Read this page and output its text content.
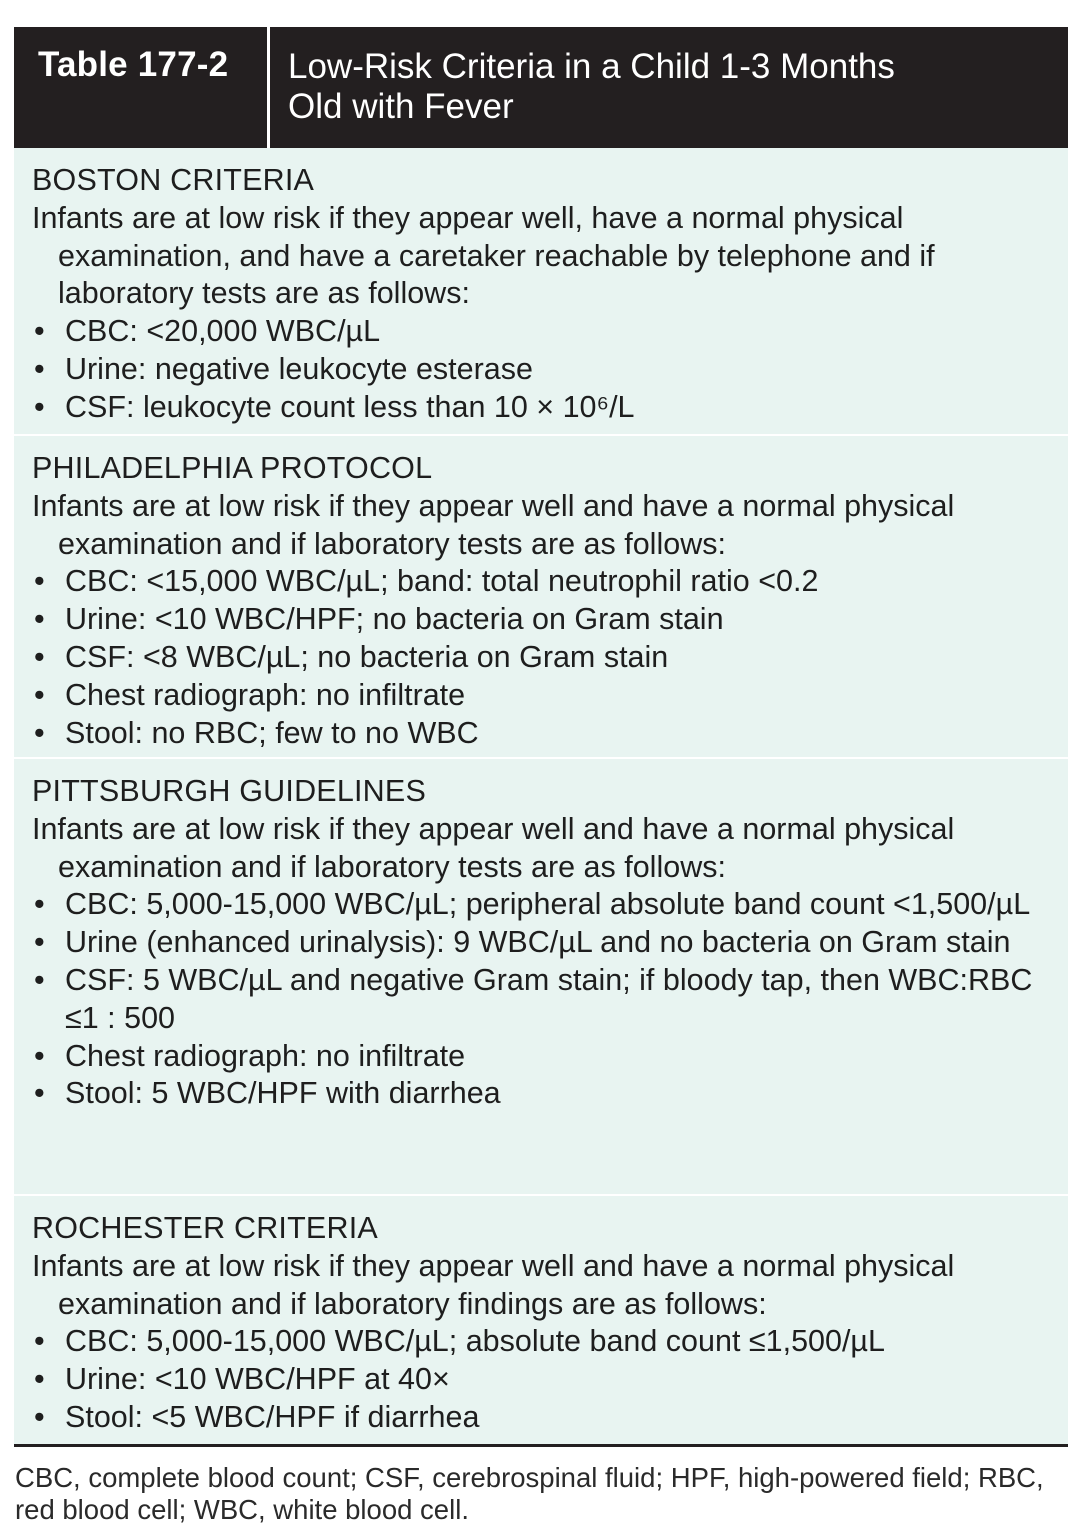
Table 177-2	Low-Risk Criteria in a Child 1-3 Months
Old with Fever
BOSTON CRITERIA
Infants are at low risk if they appear well, have a normal physical examination, and have a caretaker reachable by telephone and if laboratory tests are as follows:
• CBC: <20,000 WBC/µL
• Urine: negative leukocyte esterase
• CSF: leukocyte count less than 10 × 10⁶/L
PHILADELPHIA PROTOCOL
Infants are at low risk if they appear well and have a normal physical examination and if laboratory tests are as follows:
• CBC: <15,000 WBC/µL; band: total neutrophil ratio <0.2
• Urine: <10 WBC/HPF; no bacteria on Gram stain
• CSF: <8 WBC/µL; no bacteria on Gram stain
• Chest radiograph: no infiltrate
• Stool: no RBC; few to no WBC
PITTSBURGH GUIDELINES
Infants are at low risk if they appear well and have a normal physical examination and if laboratory tests are as follows:
• CBC: 5,000-15,000 WBC/µL; peripheral absolute band count <1,500/µL
• Urine (enhanced urinalysis): 9 WBC/µL and no bacteria on Gram stain
• CSF: 5 WBC/µL and negative Gram stain; if bloody tap, then WBC:RBC ≤1 : 500
• Chest radiograph: no infiltrate
• Stool: 5 WBC/HPF with diarrhea
ROCHESTER CRITERIA
Infants are at low risk if they appear well and have a normal physical examination and if laboratory findings are as follows:
• CBC: 5,000-15,000 WBC/µL; absolute band count ≤1,500/µL
• Urine: <10 WBC/HPF at 40×
• Stool: <5 WBC/HPF if diarrhea
CBC, complete blood count; CSF, cerebrospinal fluid; HPF, high-powered field; RBC, red blood cell; WBC, white blood cell.
